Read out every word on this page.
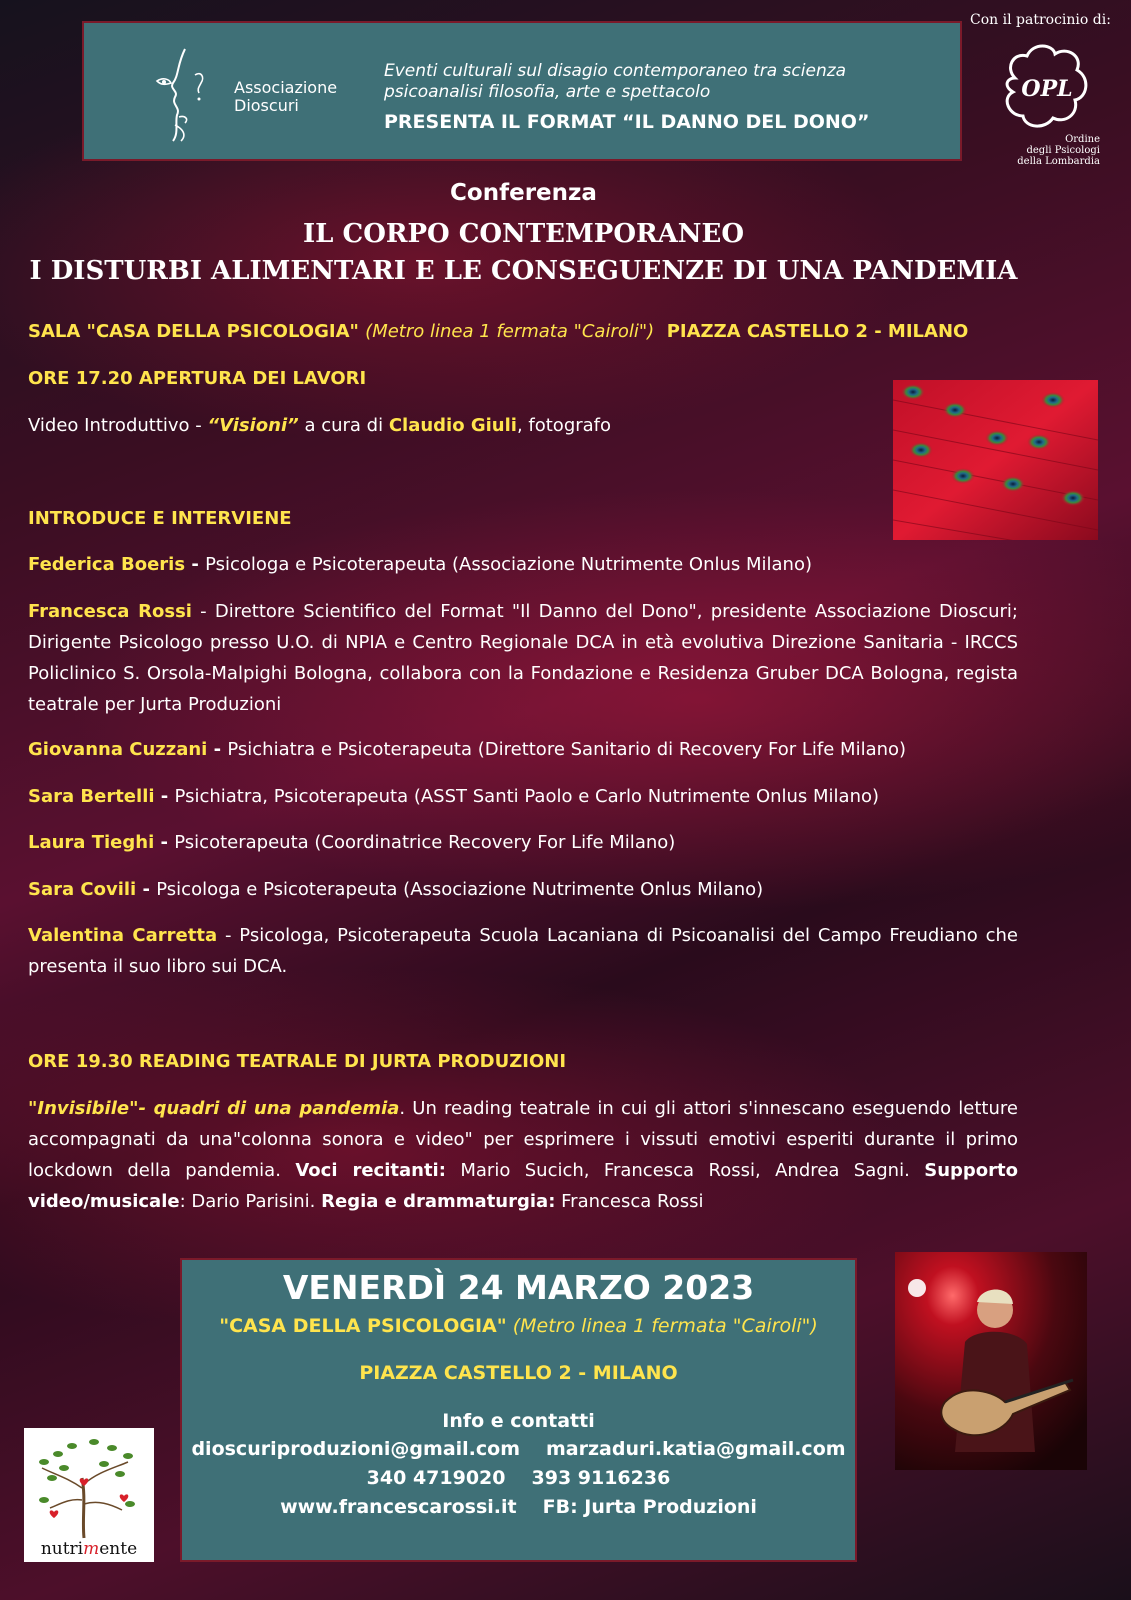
Associazione
Dioscuri
Eventi culturali sul disagio contemporaneo tra scienza
psicoanalisi filosofia, arte e spettacolo
PRESENTA IL FORMAT “IL DANNO DEL DONO”
Con il patrocinio di:
OPL
Ordine
degli Psicologi
della Lombardia
Conferenza
IL CORPO CONTEMPORANEO
I DISTURBI ALIMENTARI E LE CONSEGUENZE DI UNA PANDEMIA
SALA "CASA DELLA PSICOLOGIA" (Metro linea 1 fermata "Cairoli") PIAZZA CASTELLO 2 - MILANO
ORE 17.20 APERTURA DEI LAVORI
Video Introduttivo - “Visioni” a cura di Claudio Giuli, fotografo
INTRODUCE E INTERVIENE
Federica Boeris - Psicologa e Psicoterapeuta (Associazione Nutrimente Onlus Milano)
Francesca Rossi - Direttore Scientifico del Format "Il Danno del Dono", presidente Associazione Dioscuri; Dirigente Psicologo presso U.O. di NPIA e Centro Regionale DCA in età evolutiva Direzione Sanitaria - IRCCS Policlinico S. Orsola-Malpighi Bologna, collabora con la Fondazione e Residenza Gruber DCA Bologna, regista teatrale per Jurta Produzioni
Giovanna Cuzzani - Psichiatra e Psicoterapeuta (Direttore Sanitario di Recovery For Life Milano)
Sara Bertelli - Psichiatra, Psicoterapeuta (ASST Santi Paolo e Carlo Nutrimente Onlus Milano)
Laura Tieghi - Psicoterapeuta (Coordinatrice Recovery For Life Milano)
Sara Covili - Psicologa e Psicoterapeuta (Associazione Nutrimente Onlus Milano)
Valentina Carretta - Psicologa, Psicoterapeuta Scuola Lacaniana di Psicoanalisi del Campo Freudiano che presenta il suo libro sui DCA.
ORE 19.30 READING TEATRALE DI JURTA PRODUZIONI
"Invisibile"- quadri di una pandemia. Un reading teatrale in cui gli attori s'innescano eseguendo letture accompagnati da una"colonna sonora e video" per esprimere i vissuti emotivi esperiti durante il primo lockdown della pandemia. Voci recitanti: Mario Sucich, Francesca Rossi, Andrea Sagni. Supporto video/musicale: Dario Parisini. Regia e drammaturgia: Francesca Rossi
VENERDÌ 24 MARZO 2023
"CASA DELLA PSICOLOGIA" (Metro linea 1 fermata "Cairoli")
PIAZZA CASTELLO 2 - MILANO
Info e contatti
dioscuriproduzioni@gmail.com marzaduri.katia@gmail.com
340 4719020 393 9116236
www.francescarossi.it FB: Jurta Produzioni
nutrimente
